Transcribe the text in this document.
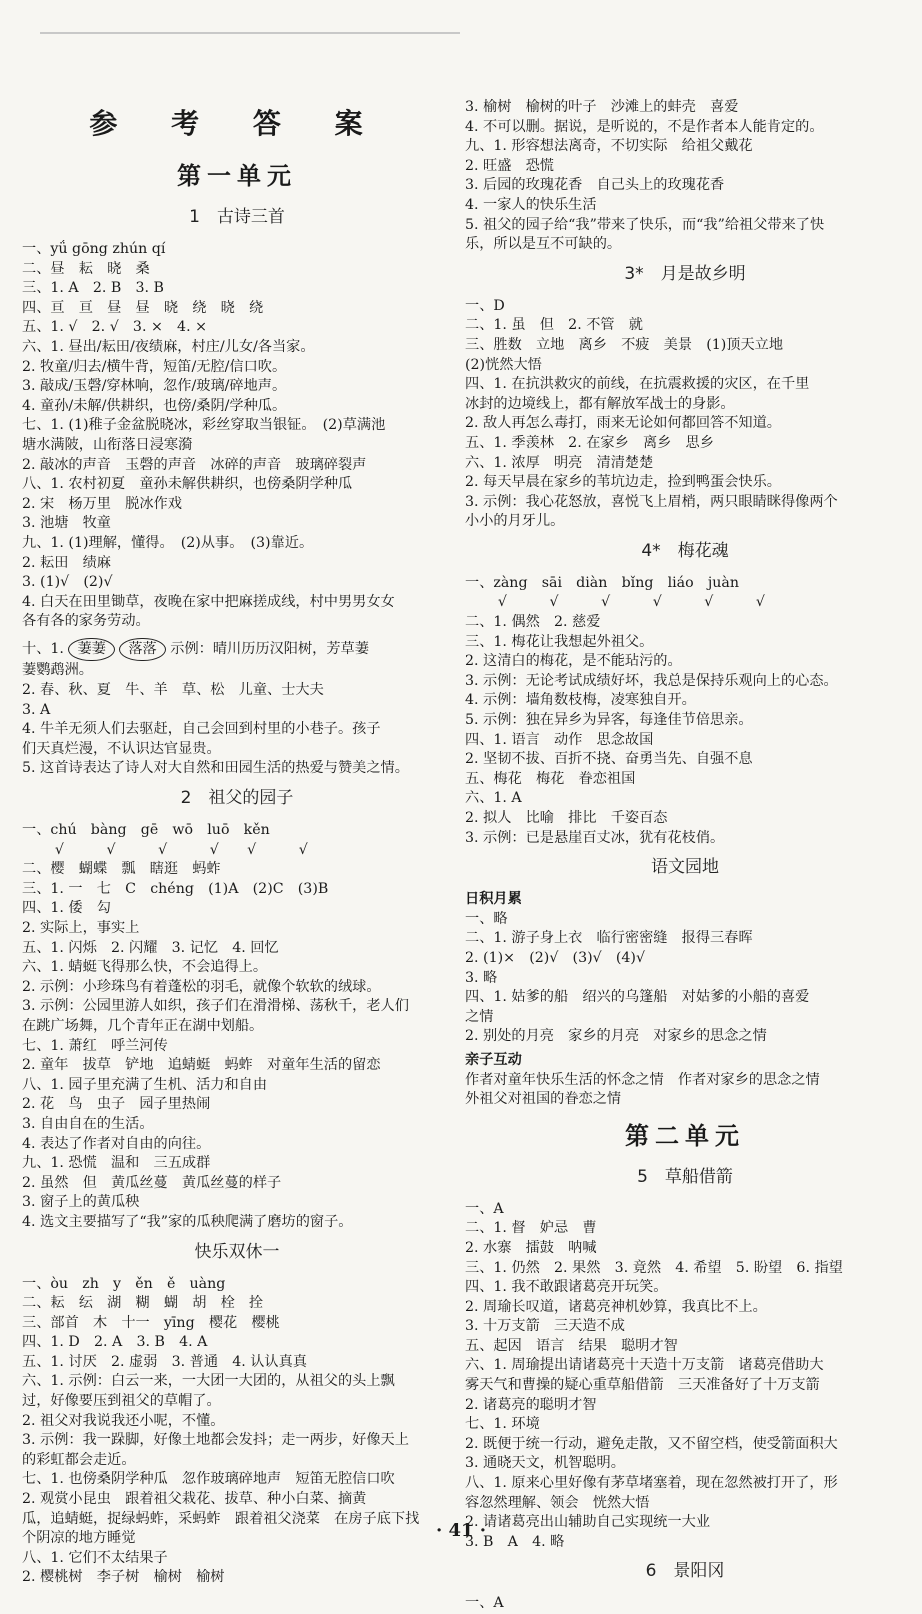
参 考 答 案
第一单元
1　古诗三首
一、yǘ gōng zhún qí
二、昼　耘　晓　桑
三、1. A　2. B　3. B
四、亘　亘　昼　昼　晓　绕　晓　绕
五、1. √　2. √　3. ×　4. ×
六、1. 昼出/耘田/夜绩麻，村庄/儿女/各当家。
2. 牧童/归去/横牛背，短笛/无腔/信口吹。
3. 敲成/玉磬/穿林响，忽作/玻璃/碎地声。
4. 童孙/未解/供耕织，也傍/桑阴/学种瓜。
七、1. (1)稚子金盆脱晓冰，彩丝穿取当银钲。　(2)草满池
塘水满陂，山衔落日浸寒漪
2. 敲冰的声音　玉磬的声音　冰碎的声音　玻璃碎裂声
八、1. 农村初夏　童孙未解供耕织，也傍桑阴学种瓜
2. 宋　杨万里　脱冰作戏
3. 池塘　牧童
九、1. (1)理解，懂得。　(2)从事。　(3)靠近。
2. 耘田　绩麻
3. (1)√　(2)√
4. 白天在田里锄草，夜晚在家中把麻搓成线，村中男男女女
各有各的家务劳动。
十、1. 萋萋 落落 示例：晴川历历汉阳树，芳草萋
萋鹦鹉洲。
2. 春、秋、夏　牛、羊　草、松　儿童、士大夫
3. A
4. 牛羊无须人们去驱赶，自己会回到村里的小巷子。孩子
们天真烂漫，不认识达官显贵。
5. 这首诗表达了诗人对大自然和田园生活的热爱与赞美之情。
2　祖父的园子
一、chú　bàng　gē　wō　luō　kěn
　　 √　　　√　　　√　　　√　　√　　　√
二、樱　蝴蝶　瓢　瞎逛　蚂蚱
三、1. 一　七　C　chéng　(1)A　(2)C　(3)B
四、1. 倭　勾
2. 实际上，事实上
五、1. 闪烁　2. 闪耀　3. 记忆　4. 回忆
六、1. 蜻蜓飞得那么快，不会追得上。
2. 示例：小珍珠鸟有着蓬松的羽毛，就像个软软的绒球。
3. 示例：公园里游人如织，孩子们在滑滑梯、荡秋千，老人们
在跳广场舞，几个青年正在湖中划船。
七、1. 萧红　呼兰河传
2. 童年　拔草　铲地　追蜻蜓　蚂蚱　对童年生活的留恋
八、1. 园子里充满了生机、活力和自由
2. 花　鸟　虫子　园子里热闹
3. 自由自在的生活。
4. 表达了作者对自由的向往。
九、1. 恐慌　温和　三五成群
2. 虽然　但　黄瓜丝蔓　黄瓜丝蔓的样子
3. 窗子上的黄瓜秧
4. 选文主要描写了“我”家的瓜秧爬满了磨坊的窗子。
快乐双休一
一、òu　zh　y　ěn　ě　uàng
二、耘　纭　湖　糊　蝴　胡　栓　拴
三、部首　木　十一　yīng　樱花　樱桃
四、1. D　2. A　3. B　4. A
五、1. 讨厌　2. 虚弱　3. 普通　4. 认认真真
六、1. 示例：白云一来，一大团一大团的，从祖父的头上飘
过，好像要压到祖父的草帽了。
2. 祖父对我说我还小呢，不懂。
3. 示例：我一跺脚，好像土地都会发抖；走一两步，好像天上
的彩虹都会走近。
七、1. 也傍桑阴学种瓜　忽作玻璃碎地声　短笛无腔信口吹
2. 观赏小昆虫　跟着祖父栽花、拔草、种小白菜、摘黄
瓜，追蜻蜓，捉绿蚂蚱，采蚂蚱　跟着祖父浇菜　在房子底下找
个阴凉的地方睡觉
八、1. 它们不太结果子
2. 樱桃树　李子树　榆树　榆树
3. 榆树　榆树的叶子　沙滩上的蚌壳　喜爱
4. 不可以删。据说，是听说的，不是作者本人能肯定的。
九、1. 形容想法离奇，不切实际　给祖父戴花
2. 旺盛　恐慌
3. 后园的玫瑰花香　自己头上的玫瑰花香
4. 一家人的快乐生活
5. 祖父的园子给“我”带来了快乐，而“我”给祖父带来了快
乐，所以是互不可缺的。
3*　月是故乡明
一、D
二、1. 虽　但　2. 不管　就
三、胜数　立地　离乡　不疲　美景　(1)顶天立地
(2)恍然大悟
四、1. 在抗洪救灾的前线，在抗震救援的灾区，在千里
冰封的边境线上，都有解放军战士的身影。
2. 敌人再怎么毒打，雨来无论如何都回答不知道。
五、1. 季羡林　2. 在家乡　离乡　思乡
六、1. 浓厚　明亮　清清楚楚
2. 每天早晨在家乡的苇坑边走，捡到鸭蛋会快乐。
3. 示例：我心花怒放，喜悦飞上眉梢，两只眼睛眯得像两个
小小的月牙儿。
4*　梅花魂
一、zàng　sāi　diàn　bǐng　liáo　juàn
　　 √　　　√　　　√　　　√　　　√　　　√
二、1. 偶然　2. 慈爱
三、1. 梅花让我想起外祖父。
2. 这清白的梅花，是不能玷污的。
3. 示例：无论考试成绩好坏，我总是保持乐观向上的心态。
4. 示例：墙角数枝梅，凌寒独自开。
5. 示例：独在异乡为异客，每逢佳节倍思亲。
四、1. 语言　动作　思念故国
2. 坚韧不拔、百折不挠、奋勇当先、自强不息
五、梅花　梅花　眷恋祖国
六、1. A
2. 拟人　比喻　排比　千姿百态
3. 示例：已是悬崖百丈冰，犹有花枝俏。
语文园地
日积月累
一、略
二、1. 游子身上衣　临行密密缝　报得三春晖
2. (1)×　(2)√　(3)√　(4)√
3. 略
四、1. 姑爹的船　绍兴的乌篷船　对姑爹的小船的喜爱
之情
2. 别处的月亮　家乡的月亮　对家乡的思念之情
亲子互动
作者对童年快乐生活的怀念之情　作者对家乡的思念之情
外祖父对祖国的眷恋之情
第二单元
5　草船借箭
一、A
二、1. 督　妒忌　曹
2. 水寨　擂鼓　呐喊
三、1. 仍然　2. 果然　3. 竟然　4. 希望　5. 盼望　6. 指望
四、1. 我不敢跟诸葛亮开玩笑。
2. 周瑜长叹道，诸葛亮神机妙算，我真比不上。
3. 十万支箭　三天造不成
五、起因　语言　结果　聪明才智
六、1. 周瑜提出请诸葛亮十天造十万支箭　诸葛亮借助大
雾天气和曹操的疑心重草船借箭　三天准备好了十万支箭
2. 诸葛亮的聪明才智
七、1. 环境
2. 既便于统一行动，避免走散，又不留空档，使受箭面积大
3. 通晓天文，机智聪明。
八、1. 原来心里好像有茅草堵塞着，现在忽然被打开了，形
容忽然理解、领会　恍然大悟
2. 请诸葛亮出山辅助自己实现统一大业
3. B　A　4. 略
6　景阳冈
一、A
· 41 ·
